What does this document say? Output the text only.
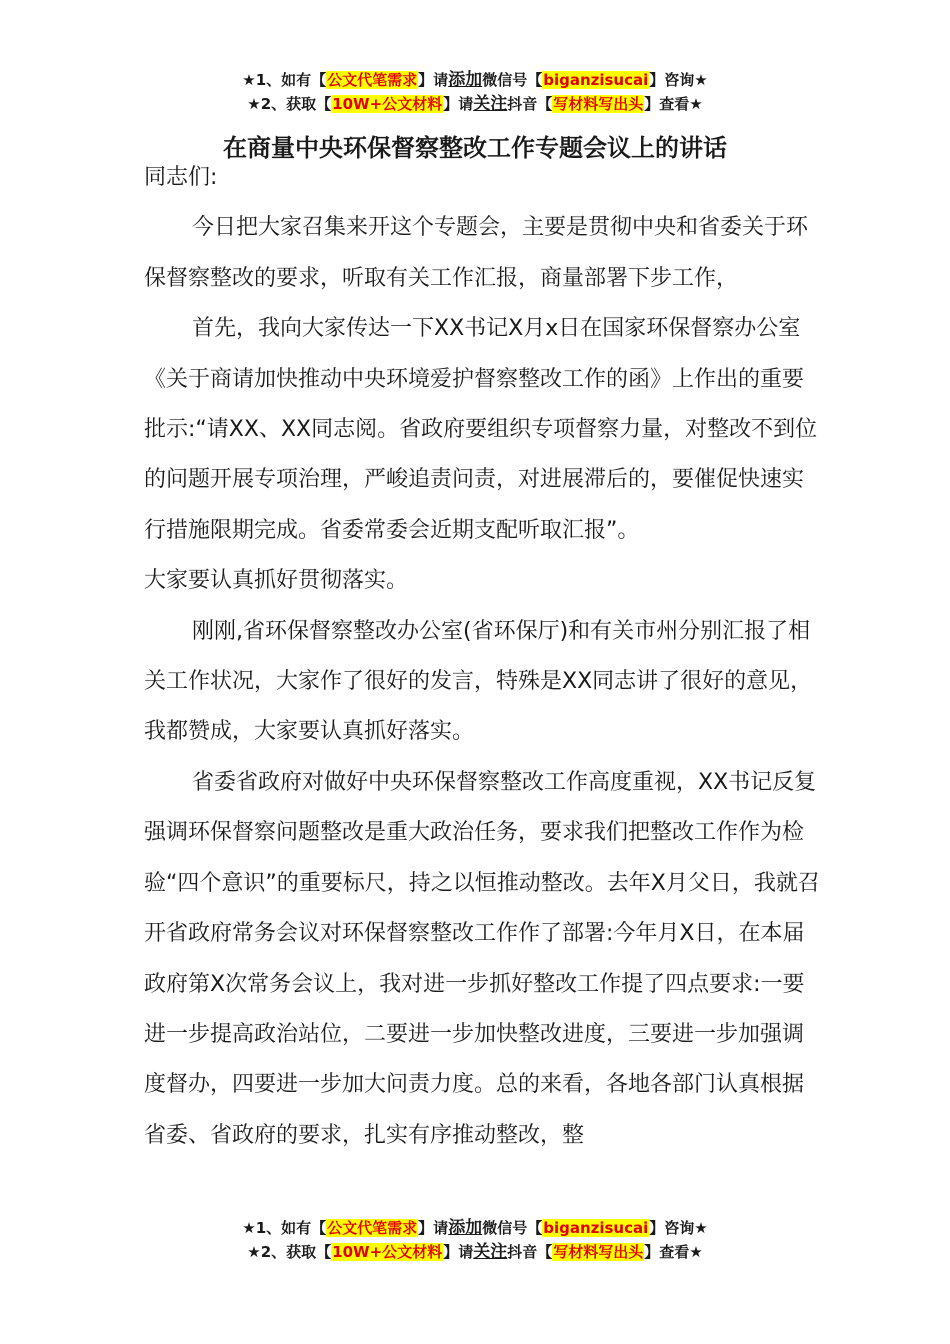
★1、如有【公文代笔需求】请添加微信号【biganzisucai】咨询★
★2、获取【10W+公文材料】请关注抖音【写材料写出头】查看★
在商量中央环保督察整改工作专题会议上的讲话

同志们:

今日把大家召集来开这个专题会，主要是贯彻中央和省委关于环保督察整改的要求，听取有关工作汇报，商量部署下步工作，

首先，我向大家传达一下XX书记X月x日在国家环保督察办公室《关于商请加快推动中央环境爱护督察整改工作的函》上作出的重要批示:“请XX、XX同志阅。省政府要组织专项督察力量，对整改不到位的问题开展专项治理，严峻追责问责，对进展滞后的，要催促快速实行措施限期完成。省委常委会近期支配听取汇报”。

大家要认真抓好贯彻落实。

刚刚,省环保督察整改办公室(省环保厅)和有关市州分别汇报了相关工作状况，大家作了很好的发言，特殊是XX同志讲了很好的意见，我都赞成，大家要认真抓好落实。

省委省政府对做好中央环保督察整改工作高度重视，XX书记反复强调环保督察问题整改是重大政治任务，要求我们把整改工作作为检验“四个意识”的重要标尺，持之以恒推动整改。去年X月父日，我就召开省政府常务会议对环保督察整改工作作了部署:今年月X日，在本届政府第X次常务会议上，我对进一步抓好整改工作提了四点要求:一要进一步提高政治站位，二要进一步加快整改进度，三要进一步加强调度督办，四要进一步加大问责力度。总的来看，各地各部门认真根据省委、省政府的要求，扎实有序推动整改，整

★1、如有【公文代笔需求】请添加微信号【biganzisucai】咨询★
★2、获取【10W+公文材料】请关注抖音【写材料写出头】查看★
